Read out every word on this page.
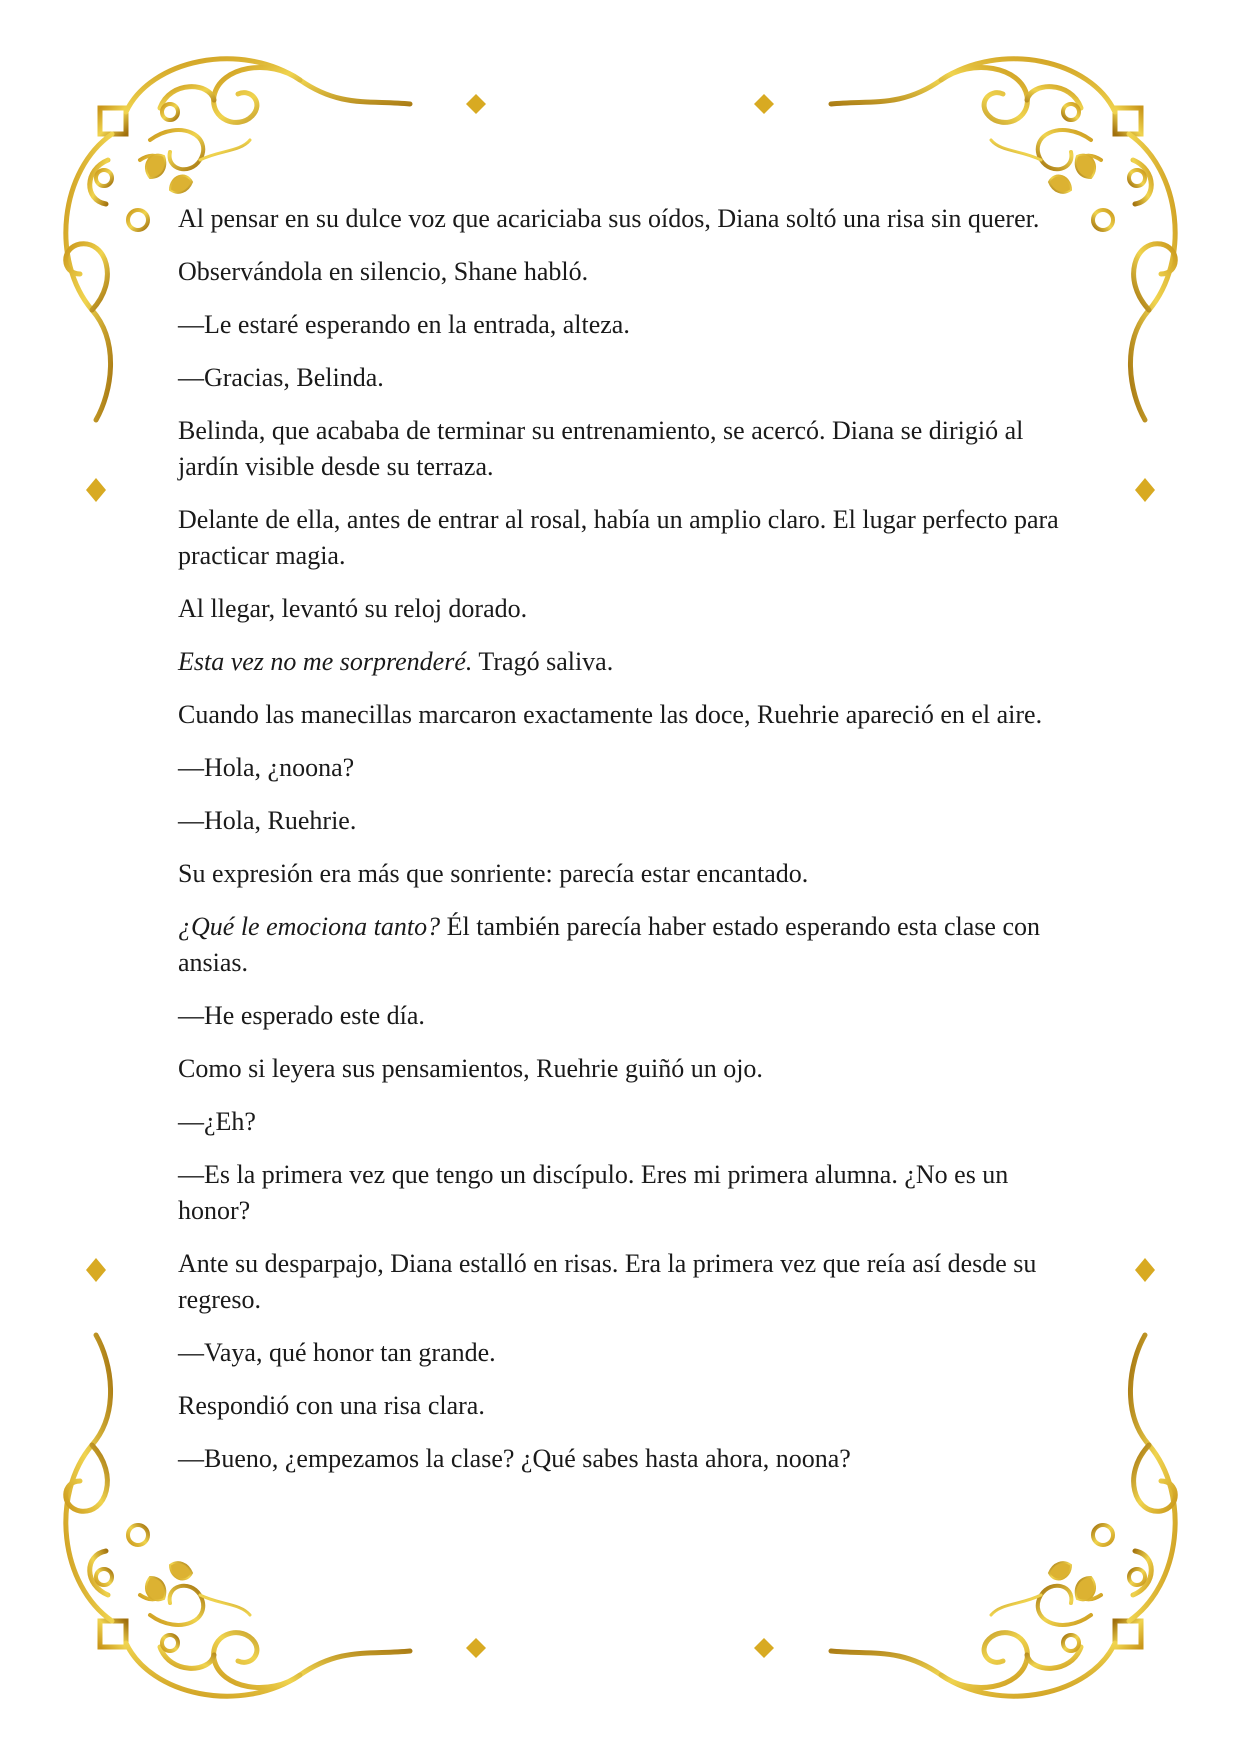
Al pensar en su dulce voz que acariciaba sus oídos, Diana soltó una risa sin querer.

Observándola en silencio, Shane habló.

—Le estaré esperando en la entrada, alteza.

—Gracias, Belinda.

Belinda, que acababa de terminar su entrenamiento, se acercó. Diana se dirigió al jardín visible desde su terraza.

Delante de ella, antes de entrar al rosal, había un amplio claro. El lugar perfecto para practicar magia.

Al llegar, levantó su reloj dorado.

Esta vez no me sorprenderé. Tragó saliva.

Cuando las manecillas marcaron exactamente las doce, Ruehrie apareció en el aire.

—Hola, ¿noona?

—Hola, Ruehrie.

Su expresión era más que sonriente: parecía estar encantado.

¿Qué le emociona tanto? Él también parecía haber estado esperando esta clase con ansias.

—He esperado este día.

Como si leyera sus pensamientos, Ruehrie guiñó un ojo.

—¿Eh?

—Es la primera vez que tengo un discípulo. Eres mi primera alumna. ¿No es un honor?

Ante su desparpajo, Diana estalló en risas. Era la primera vez que reía así desde su regreso.

—Vaya, qué honor tan grande.

Respondió con una risa clara.

—Bueno, ¿empezamos la clase? ¿Qué sabes hasta ahora, noona?
